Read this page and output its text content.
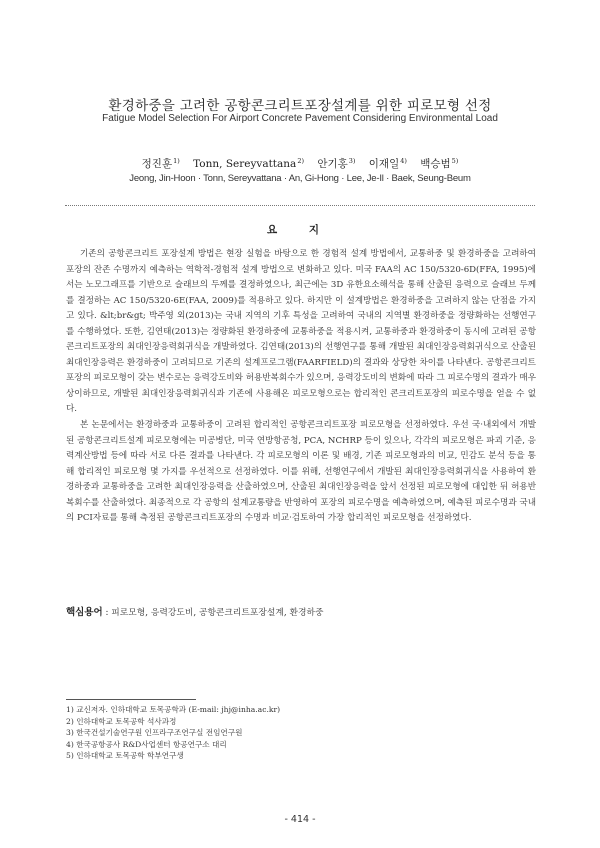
환경하중을 고려한 공항콘크리트포장설계를 위한 피로모형 선정
Fatigue Model Selection For Airport Concrete Pavement Considering Environmental Load
정진훈$^{1)}$ Tonn, Sereyvattana$^{2)}$ 안기홍$^{3)}$ 이재일$^{4)}$ 백승범$^{5)}$
Jeong, Jin-Hoon · Tonn, Sereyvattana · An, Gi-Hong · Lee, Je-Il · Baek, Seung-Beum
요 지

기존의 공항콘크리트 포장설계 방법은 현장 실험을 바탕으로 한 경험적 설계 방법에서, 교통하중 및 환경하중을 고려하여 포장의 잔존 수명까지 예측하는 역학적-경험적 설계 방법으로 변화하고 있다. 미국 FAA의 AC 150/5320-6D(FFA, 1995)에서는 노모그래프를 기반으로 슬래브의 두께를 결정하였으나, 최근에는 3D 유한요소해석을 통해 산출된 응력으로 슬래브 두께를 결정하는 AC 150/5320-6E(FAA, 2009)를 적용하고 있다. 하지만 이 설계방법은 환경하중을 고려하지 않는 단점을 가지고 있다. &lt;br&gt; 박주영 외(2013)는 국내 지역의 기후 특성을 고려하여 국내의 지역별 환경하중을 정량화하는 선행연구를 수행하였다. 또한, 김연태(2013)는 정량화된 환경하중에 교통하중을 적용시켜, 교통하중과 환경하중이 동시에 고려된 공항콘크리트포장의 최대인장응력회귀식을 개발하였다. 김연태(2013)의 선행연구를 통해 개발된 최대인장응력회귀식으로 산출된 최대인장응력은 환경하중이 고려되므로 기존의 설계프로그램(FAARFIELD)의 결과와 상당한 차이를 나타낸다. 공항콘크리트포장의 피로모형이 갖는 변수로는 응력강도비와 허용반복회수가 있으며, 응력강도비의 변화에 따라 그 피로수명의 결과가 매우 상이하므로, 개발된 최대인장응력회귀식과 기존에 사용해온 피로모형으로는 합리적인 콘크리트포장의 피로수명을 얻을 수 없다.

본 논문에서는 환경하중과 교통하중이 고려된 합리적인 공항콘크리트포장 피로모형을 선정하였다. 우선 국·내외에서 개발된 공항콘크리트설계 피로모형에는 미공병단, 미국 연방항공청, PCA, NCHRP 등이 있으나, 각각의 피로모형은 파괴 기준, 응력계산방법 등에 따라 서로 다른 결과를 나타낸다. 각 피로모형의 이론 및 배경, 기존 피로모형과의 비교, 민감도 분석 등을 통해 합리적인 피로모형 몇 가지를 우선적으로 선정하였다. 이를 위해, 선행연구에서 개발된 최대인장응력회귀식을 사용하여 환경하중과 교통하중을 고려한 최대인장응력을 산출하였으며, 산출된 최대인장응력을 앞서 선정된 피로모형에 대입한 뒤 허용반복회수를 산출하였다. 최종적으로 각 공항의 설계교통량을 반영하여 포장의 피로수명을 예측하였으며, 예측된 피로수명과 국내의 PCI자료를 통해 측정된 공항콘크리트포장의 수명과 비교·검토하여 가장 합리적인 피로모형을 선정하였다.

핵심용어 : 피로모형, 응력강도비, 공항콘크리트포장설계, 환경하중
1) 교신저자. 인하대학교 토목공학과 (E-mail: jhj@inha.ac.kr)
2) 인하대학교 토목공학 석사과정
3) 한국건설기술연구원 인프라구조연구실 전임연구원
4) 한국공항공사 R&D사업센터 항공연구소 대리
5) 인하대학교 토목공학 학부연구생
- 414 -
